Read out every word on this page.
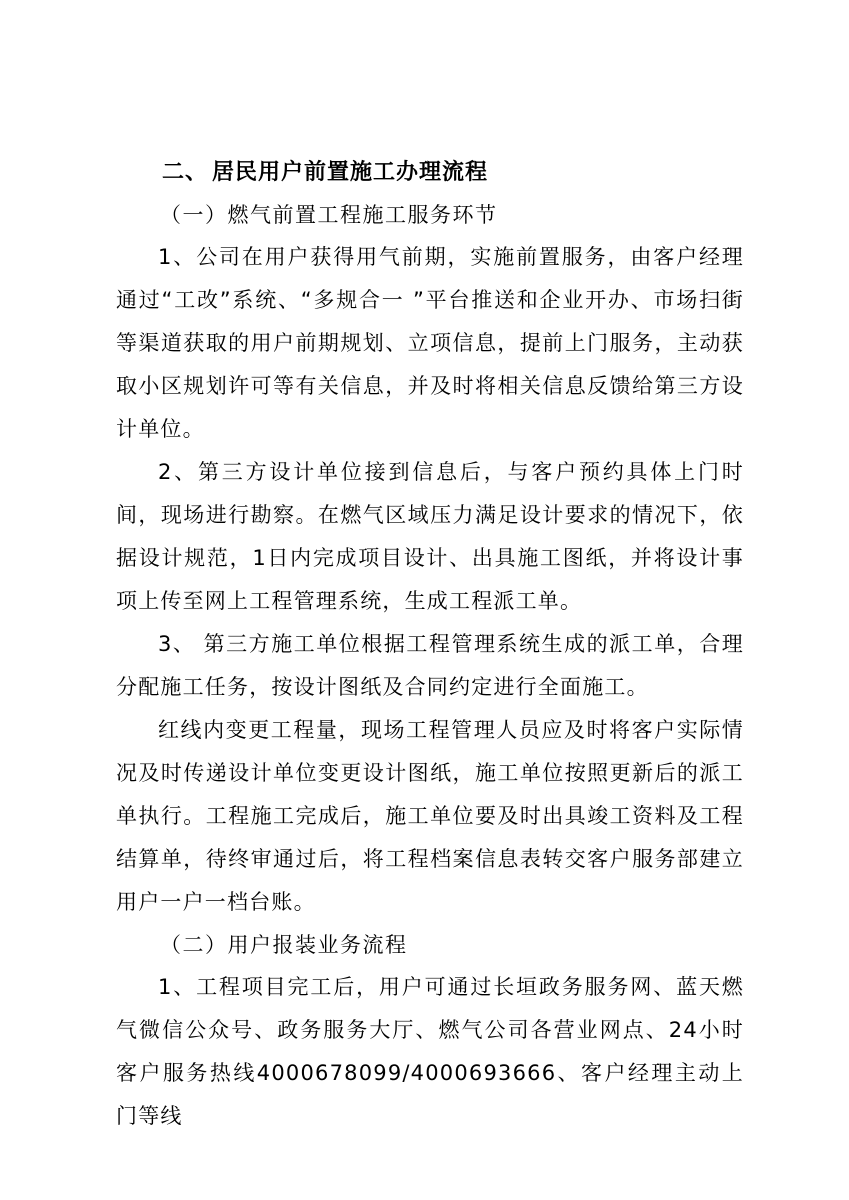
二、 居民用户前置施工办理流程

（一）燃气前置工程施工服务环节

1、公司在用户获得用气前期，实施前置服务，由客户经理通过“工改”系统、“多规合一 ”平台推送和企业开办、市场扫街等渠道获取的用户前期规划、立项信息，提前上门服务，主动获取小区规划许可等有关信息，并及时将相关信息反馈给第三方设计单位。

2、第三方设计单位接到信息后，与客户预约具体上门时间，现场进行勘察。在燃气区域压力满足设计要求的情况下，依据设计规范，1日内完成项目设计、出具施工图纸，并将设计事项上传至网上工程管理系统，生成工程派工单。

3、 第三方施工单位根据工程管理系统生成的派工单，合理分配施工任务，按设计图纸及合同约定进行全面施工。

红线内变更工程量，现场工程管理人员应及时将客户实际情况及时传递设计单位变更设计图纸，施工单位按照更新后的派工单执行。工程施工完成后，施工单位要及时出具竣工资料及工程结算单，待终审通过后，将工程档案信息表转交客户服务部建立用户一户一档台账。

（二）用户报装业务流程

1、工程项目完工后，用户可通过长垣政务服务网、蓝天燃气微信公众号、政务服务大厅、燃气公司各营业网点、24小时客户服务热线4000678099/4000693666、客户经理主动上门等线
